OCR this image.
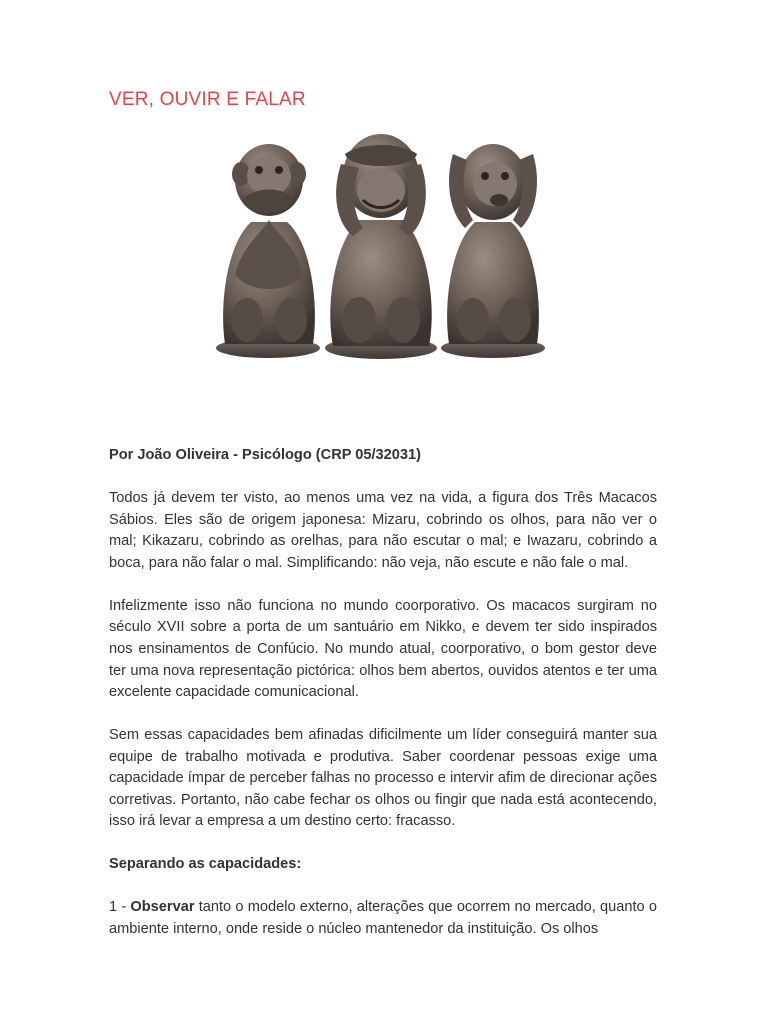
VER, OUVIR E FALAR

Por João Oliveira - Psicólogo (CRP 05/32031)

Todos já devem ter visto, ao menos uma vez na vida, a figura dos Três Macacos Sábios. Eles são de origem japonesa: Mizaru, cobrindo os olhos, para não ver o mal; Kikazaru, cobrindo as orelhas, para não escutar o mal; e Iwazaru, cobrindo a boca, para não falar o mal. Simplificando: não veja, não escute e não fale o mal.

Infelizmente isso não funciona no mundo coorporativo. Os macacos surgiram no século XVII sobre a porta de um santuário em Nikko, e devem ter sido inspirados nos ensinamentos de Confúcio. No mundo atual, coorporativo, o bom gestor deve ter uma nova representação pictórica: olhos bem abertos, ouvidos atentos e ter uma excelente capacidade comunicacional.

Sem essas capacidades bem afinadas dificilmente um líder conseguirá manter sua equipe de trabalho motivada e produtiva. Saber coordenar pessoas exige uma capacidade ímpar de perceber falhas no processo e intervir afim de direcionar ações corretivas. Portanto, não cabe fechar os olhos ou fingir que nada está acontecendo, isso irá levar a empresa a um destino certo: fracasso.

Separando as capacidades:

1 - Observar tanto o modelo externo, alterações que ocorrem no mercado, quanto o ambiente interno, onde reside o núcleo mantenedor da instituição. Os olhos
